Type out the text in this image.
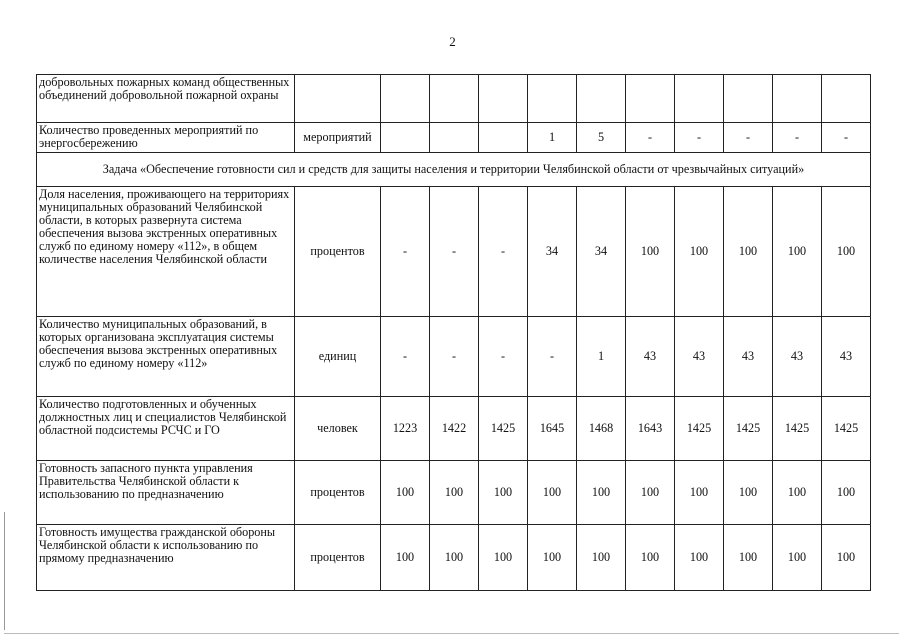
2
добровольных пожарных команд общественных объединений добровольной пожарной охраны											
Количество проведенных мероприятий по энергосбережению	мероприятий				1	5	-	-	-	-	-
Задача «Обеспечение готовности сил и средств для защиты населения и территории Челябинской области от чрезвычайных ситуаций»											
Доля населения, проживающего на территориях муниципальных образований Челябинской области, в которых развернута система обеспечения вызова экстренных оперативных служб по единому номеру «112», в общем количестве населения Челябинской области	процентов	-	-	-	34	34	100	100	100	100	100
Количество муниципальных образований, в которых организована эксплуатация системы обеспечения вызова экстренных оперативных служб по единому номеру «112»	единиц	-	-	-	-	1	43	43	43	43	43
Количество подготовленных и обученных должностных лиц и специалистов Челябинской областной подсистемы РСЧС и ГО	человек	1223	1422	1425	1645	1468	1643	1425	1425	1425	1425
Готовность запасного пункта управления Правительства Челябинской области к использованию по предназначению	процентов	100	100	100	100	100	100	100	100	100	100
Готовность имущества гражданской обороны Челябинской области к использованию по прямому предназначению	процентов	100	100	100	100	100	100	100	100	100	100
